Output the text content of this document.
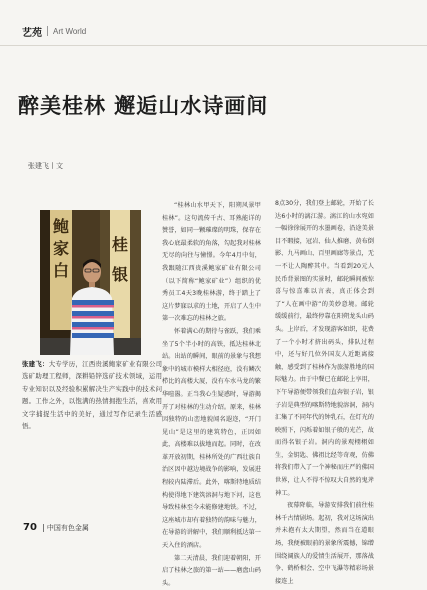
艺苑 Art World
醉美桂林 邂逅山水诗画间
张建飞丨文
鲍
家
白
桂
银
张建飞：大专学历，江西贵溪鲍家矿业有限公司选矿助理工程师，深耕铅锌选矿技术领域，运用专业知识以及经验积累解决生产实践中的技术问题。工作之外，以饱满的热情拥抱生活，喜欢用文字捕捉生活中的美好，通过写作记录生活感悟。

“桂林山水甲天下，阳朔风景甲桂林”。这句流传千古、耳熟能详的赞誉，如同一颗璀璨的明珠，保存在我心底最柔软的角落，勾起我对桂林无尽的向往与憧憬。今年4月中旬，我跟随江西贵溪鲍家矿业有限公司（以下简称“鲍家矿业”）组织的优秀员工4天3晚桂林游，终于踏上了这片梦寐以求的土地，开启了人生中第一次难忘的桂林之旅。

怀着满心的期待与雀跃，我们乘坐了5个半小时的高铁，抵达桂林北站。出站的瞬间，眼前的景象与我想象中的城市模样大相径庭，没有鳞次栉比的高楼大厦，没有车水马龙的繁华喧嚣。正当我心生疑惑时，导游揭开了对桂林的生动介绍。原来，桂林因独特的山峦地貌闻名遐迩，“开门见山”是这里的建筑特色，正因如此，高楼难以拔地而起。同时，在改革开放初期，桂林所处的广西壮族自治区因中越边境战争的影响，发展进程较内陆滞后。此外，喀斯特地质结构使得地下建筑溶洞与地下河，这也导致桂林至今未能修建地铁。不过，这座城市却有着独特的韵味与魅力，在导游的讲解中，我们顺利抵达第一天入住的酒店。

第二天清晨，我们迎着朝阳，开启了桂林之旅的第一站——磨盘山码头。

8点30分，我们登上邮轮，开始了长达6小时的漓江游。漓江的山水宛如一幅徐徐展开的水墨画卷，沿途美景目不暇接，冠岩、仙人推磨、黄布倒影、九马画山、百里画廊等景点，无一不让人陶醉其中。当看到20元人民币背景图的实景时，邮轮瞬间被惊喜与惊喜难以言表，真正体会到了“人在画中游”的美妙意境。邮轮缓缓前行，最终停靠在阳朔龙头山码头。上岸后，才发现游客如织，花费了一个小时才挤出码头，排队过程中，还与好几位外国友人近距离接触，感受到了桂林作为旅游胜地的国际魅力。由于中餐已在邮轮上享用，下午导游便带领我们直奔银子岩，银子岩是典型的喀斯特地貌溶洞，洞内汇集了不同年代的钟乳石，在灯光的映照下，闪烁着如银子般的光芒，故而得名银子岩。洞内的景观栩栩如生，金钥匙、佛祖比经等奇观，仿佛将我们带入了一个神秘而庄严的佛国世界，让人不得不惊叹大自然的鬼斧神工。

夜幕降临，导游安排我们前往桂林千古情剧场。起初，我对这场演出并未抱有太大期望，然而当在道眼场，我便被眼前的景象所震撼，锦缯围绕阔族人的爱情生活展开，那落战争、鹤桥相会、空中飞瀑等精彩场景接连上

70 中国有色金属
